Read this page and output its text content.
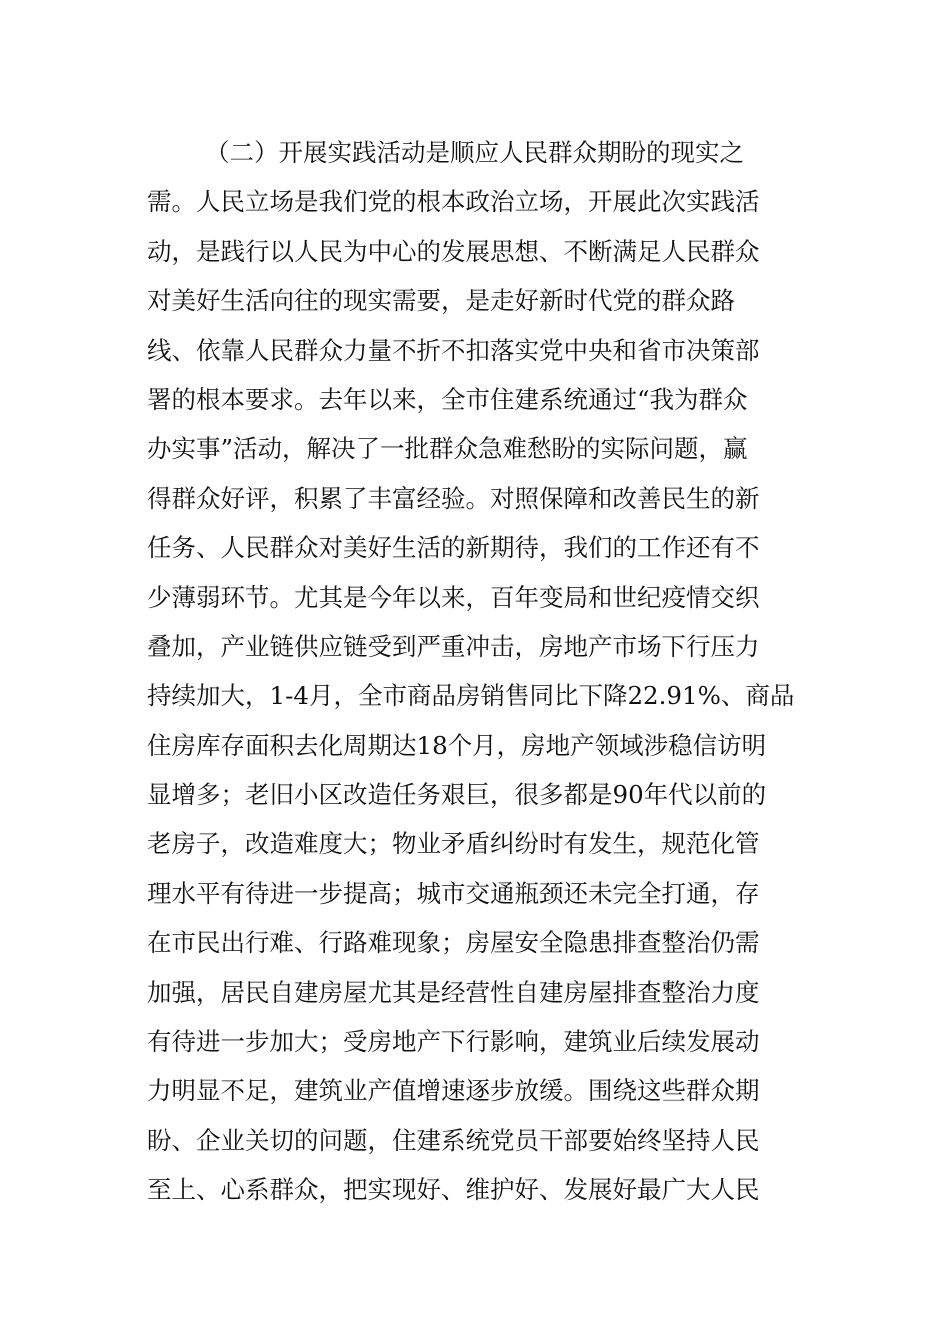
（二）开展实践活动是顺应人民群众期盼的现实之
需。人民立场是我们党的根本政治立场，开展此次实践活
动，是践行以人民为中心的发展思想、不断满足人民群众
对美好生活向往的现实需要，是走好新时代党的群众路
线、依靠人民群众力量不折不扣落实党中央和省市决策部
署的根本要求。去年以来，全市住建系统通过“我为群众
办实事”活动，解决了一批群众急难愁盼的实际问题，赢
得群众好评，积累了丰富经验。对照保障和改善民生的新
任务、人民群众对美好生活的新期待，我们的工作还有不
少薄弱环节。尤其是今年以来，百年变局和世纪疫情交织
叠加，产业链供应链受到严重冲击，房地产市场下行压力
持续加大，1-4月，全市商品房销售同比下降22.91%、商品
住房库存面积去化周期达18个月，房地产领域涉稳信访明
显增多；老旧小区改造任务艰巨，很多都是90年代以前的
老房子，改造难度大；物业矛盾纠纷时有发生，规范化管
理水平有待进一步提高；城市交通瓶颈还未完全打通，存
在市民出行难、行路难现象；房屋安全隐患排查整治仍需
加强，居民自建房屋尤其是经营性自建房屋排查整治力度
有待进一步加大；受房地产下行影响，建筑业后续发展动
力明显不足，建筑业产值增速逐步放缓。围绕这些群众期
盼、企业关切的问题，住建系统党员干部要始终坚持人民
至上、心系群众，把实现好、维护好、发展好最广大人民
